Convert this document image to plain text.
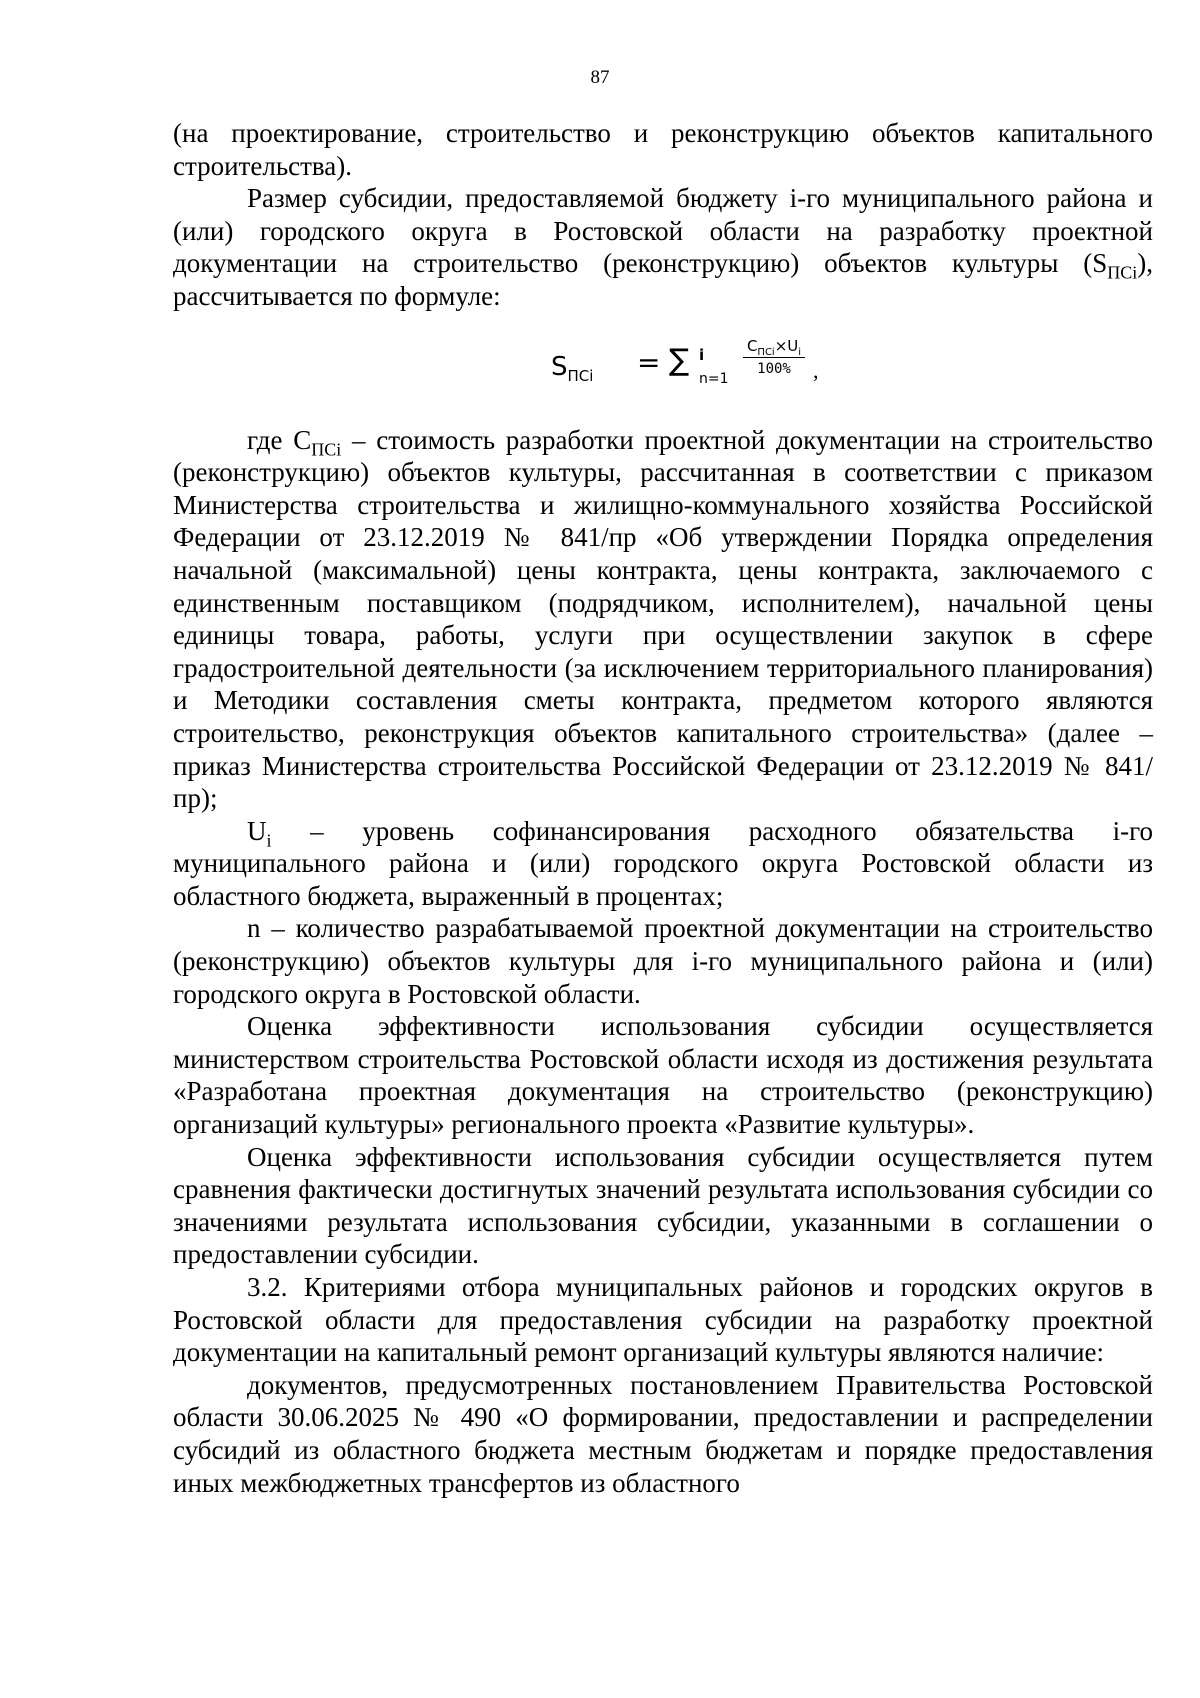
87

(на проектирование, строительство и реконструкцию объектов капитального строительства).

Размер субсидии, предоставляемой бюджету i-го муниципального района и (или) городского округа в Ростовской области на разработку проектной документации на строительство (реконструкцию) объектов культуры $(S_{ПСi})$, рассчитывается по формуле:

$S_{ПСi}$ = ∑ i
n=1
$C_{ПСi}\times U_i$
100%	,

где $C_{ПСi}$ – стоимость разработки проектной документации на строительство (реконструкцию) объектов культуры, рассчитанная в соответствии с приказом Министерства строительства и жилищно-коммунального хозяйства Российской Федерации от 23.12.2019 № 841/пр «Об утверждении Порядка определения начальной (максимальной) цены контракта, цены контракта, заключаемого с единственным поставщиком (подрядчиком, исполнителем), начальной цены единицы товара, работы, услуги при осуществлении закупок в сфере градостроительной деятельности (за исключением территориального планирования) и Методики составления сметы контракта, предметом которого являются строительство, реконструкция объектов капитального строительства» (далее – приказ Министерства строительства Российской Федерации от 23.12.2019 № 841/пр);

$U_i$ – уровень софинансирования расходного обязательства i-го муниципального района и (или) городского округа Ростовской области из областного бюджета, выраженный в процентах;

n – количество разрабатываемой проектной документации на строительство (реконструкцию) объектов культуры для i-го муниципального района и (или) городского округа в Ростовской области.

Оценка эффективности использования субсидии осуществляется министерством строительства Ростовской области исходя из достижения результата «Разработана проектная документация на строительство (реконструкцию) организаций культуры» регионального проекта «Развитие культуры».

Оценка эффективности использования субсидии осуществляется путем сравнения фактически достигнутых значений результата использования субсидии со значениями результата использования субсидии, указанными в соглашении о предоставлении субсидии.

3.2. Критериями отбора муниципальных районов и городских округов в Ростовской области для предоставления субсидии на разработку проектной документации на капитальный ремонт организаций культуры являются наличие:

документов, предусмотренных постановлением Правительства Ростовской области 30.06.2025 № 490 «О формировании, предоставлении и распределении субсидий из областного бюджета местным бюджетам и порядке предоставления иных межбюджетных трансфертов из областного
